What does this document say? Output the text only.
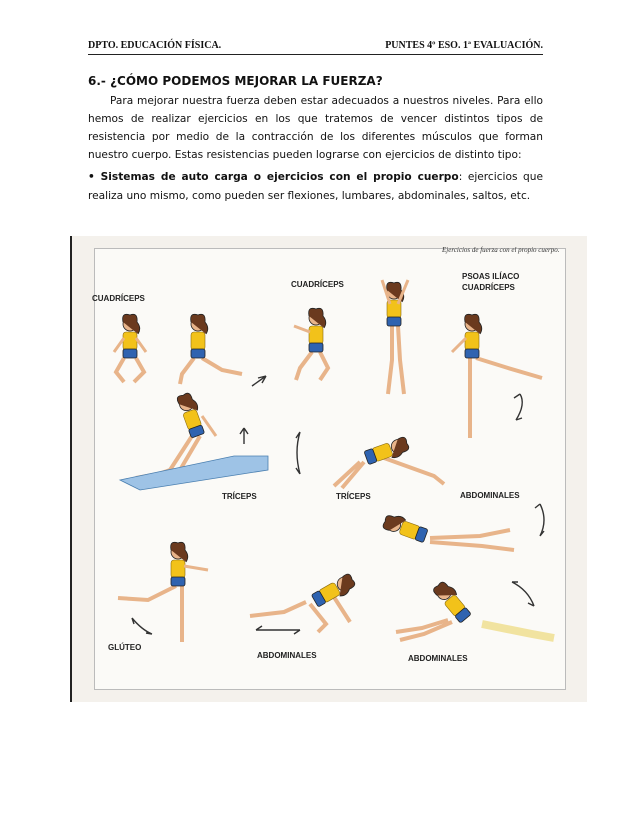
DPTO. EDUCACIÓN FÍSICA.	PUNTES 4º ESO. 1ª EVALUACIÓN.
6.- ¿CÓMO PODEMOS MEJORAR LA FUERZA?
Para mejorar nuestra fuerza deben estar adecuados a nuestros niveles. Para ello hemos de realizar ejercicios en los que tratemos de vencer distintos tipos de resistencia por medio de la contracción de los diferentes músculos que forman nuestro cuerpo. Estas resistencias pueden lograrse con ejercicios de distinto tipo:
• Sistemas de auto carga o ejercicios con el propio cuerpo: ejercicios que realiza uno mismo, como pueden ser flexiones, lumbares, abdominales, saltos, etc.
Ejercicios de fuerza con el propio cuerpo.
CUADRÍCEPS
CUADRÍCEPS
PSOAS ILÍACO
CUADRÍCEPS
TRÍCEPS	TRÍCEPS	ABDOMINALES
GLÚTEO
ABDOMINALES	ABDOMINALES
